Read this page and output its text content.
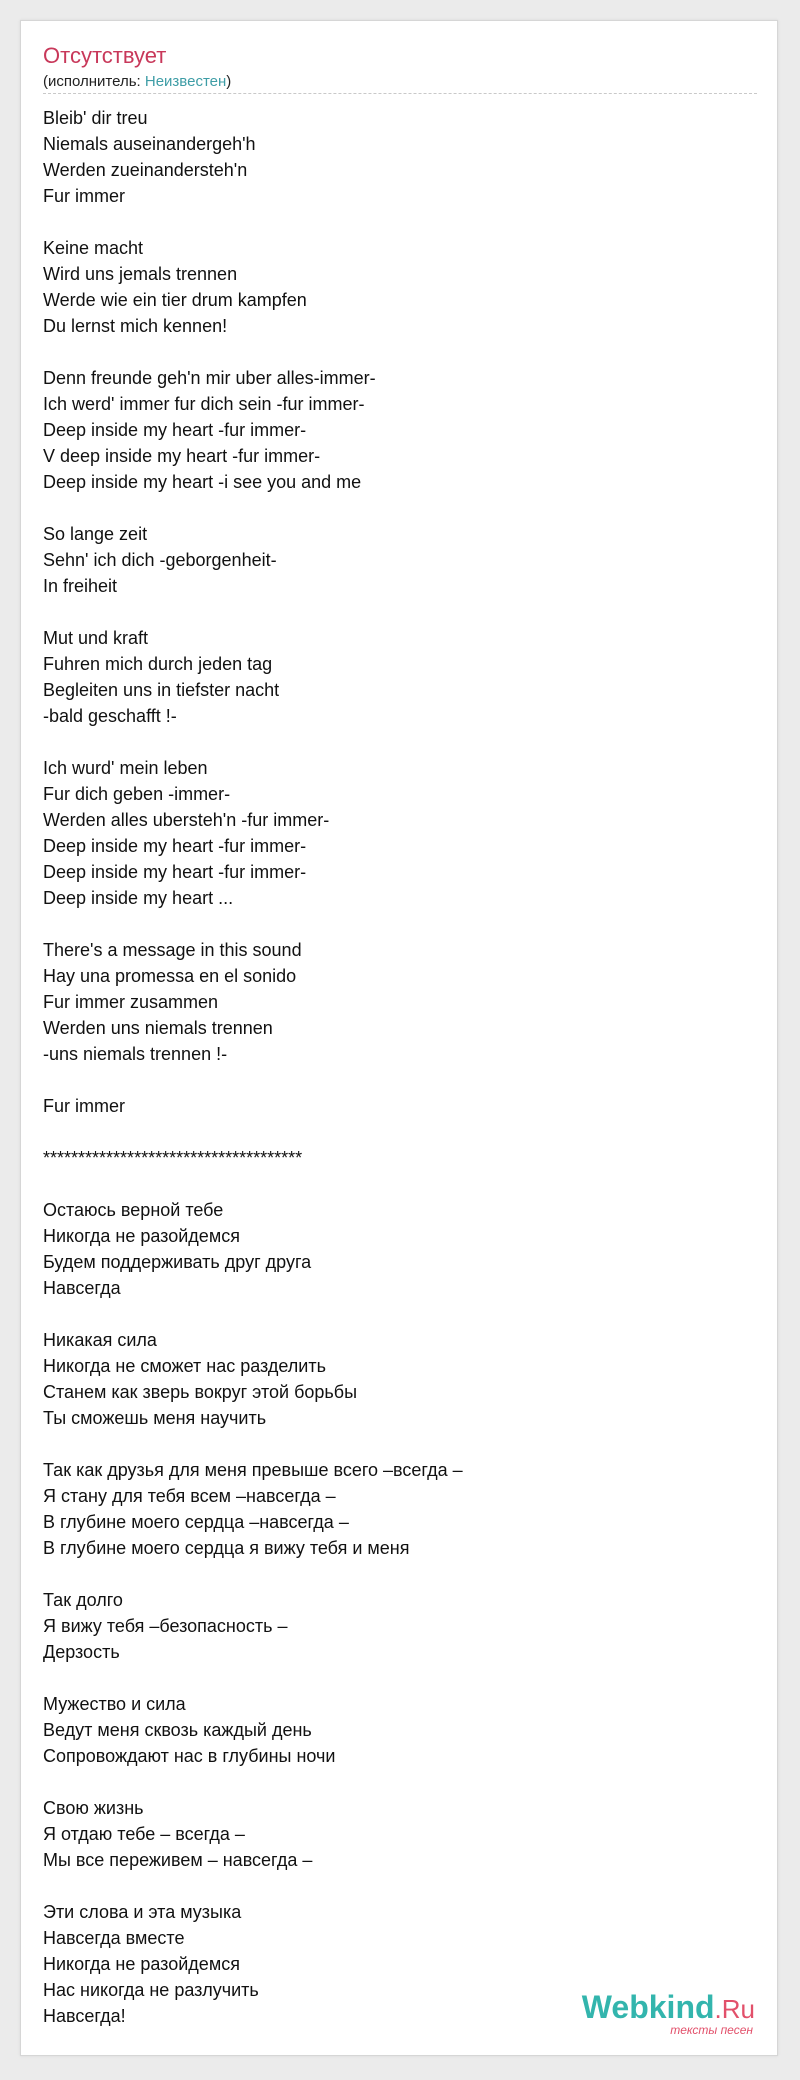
Отсутствует
(исполнитель: Неизвестен)
Bleib' dir treu
Niemals auseinandergeh'h
Werden zueinandersteh'n
Fur immer
Keine macht
Wird uns jemals trennen
Werde wie ein tier drum kampfen
Du lernst mich kennen!
Denn freunde geh'n mir uber alles-immer-
Ich werd' immer fur dich sein -fur immer-
Deep inside my heart -fur immer-
V deep inside my heart -fur immer-
Deep inside my heart -i see you and me
So lange zeit
Sehn' ich dich -geborgenheit-
In freiheit
Mut und kraft
Fuhren mich durch jeden tag
Begleiten uns in tiefster nacht
-bald geschafft !-
Ich wurd' mein leben
Fur dich geben -immer-
Werden alles ubersteh'n -fur immer-
Deep inside my heart -fur immer-
Deep inside my heart -fur immer-
Deep inside my heart ...
There's a message in this sound
Hay una promessa en el sonido
Fur immer zusammen
Werden uns niemals trennen
-uns niemals trennen !-
Fur immer
*************************************
Остаюсь верной тебе
Никогда не разойдемся
Будем поддерживать друг друга
Навсегда
Никакая сила
Никогда не сможет нас разделить
Станем как зверь вокруг этой борьбы
Ты сможешь меня научить
Так как друзья для меня превыше всего –всегда –
Я стану для тебя всем –навсегда –
В глубине моего сердца –навсегда –
В глубине моего сердца я вижу тебя и меня
Так долго
Я вижу тебя –безопасность –
Дерзость
Мужество и сила
Ведут меня сквозь каждый день
Сопровождают нас в глубины ночи
Свою жизнь
Я отдаю тебе – всегда –
Мы все переживем – навсегда –
Эти слова и эта музыка
Навсегда вместе
Никогда не разойдемся
Нас никогда не разлучить
Навсегда!	Webkind.Ru
тексты песен
